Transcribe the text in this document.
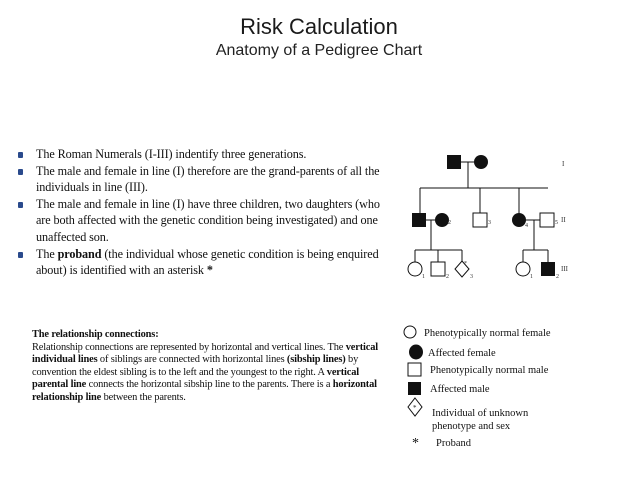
Risk Calculation
Anatomy of a Pedigree Chart
The Roman Numerals (I-III) indentify three generations.
The male and female in line (I) therefore are the grand-parents of all the individuals in line (III).
The male and female in line (I) have three children, two daughters (who are both affected with the genetic condition being investigated) and one unaffected son.
The proband (the individual whose genetic condition is being enquired about) is identified with an asterisk *
The relationship connections:
Relationship connections are represented by horizontal and vertical lines. The vertical individual lines of siblings are connected with horizontal lines (sibship lines) by convention the eldest sibling is to the left and the youngest to the right. A vertical parental line connects the horizontal sibship line to the parents. There is a horizontal relationship line between the parents.
I
2	3	4	5 II
1	2
*
3	1	2
III
Phenotypically normal female
Affected female
Phenotypically normal male
Affected male
* Individual of unknown
phenotype and sex
* Proband
